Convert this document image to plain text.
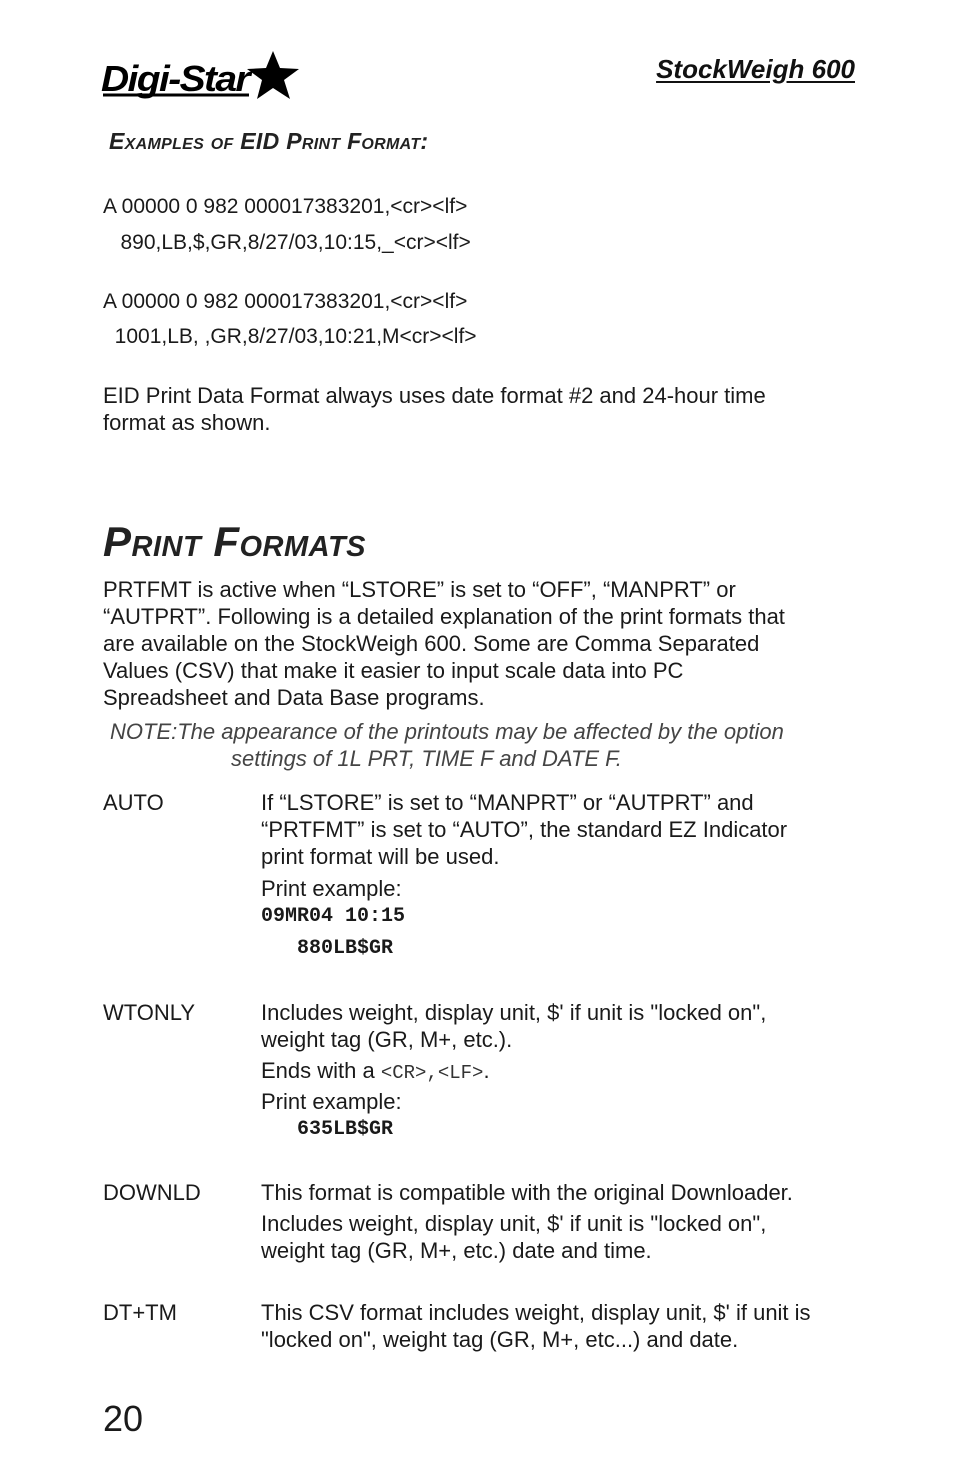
Digi-Star	StockWeigh 600
Examples of EID Print Format:
A 00000 0 982 000017383201,<cr><lf>
890,LB,$,GR,8/27/03,10:15,_<cr><lf>
A 00000 0 982 000017383201,<cr><lf>
1001,LB, ,GR,8/27/03,10:21,M<cr><lf>
EID Print Data Format always uses date format #2 and 24-hour time
format as shown.
Print Formats
PRTFMT is active when “LSTORE” is set to “OFF”, “MANPRT” or
“AUTPRT”. Following is a detailed explanation of the print formats that
are available on the StockWeigh 600. Some are Comma Separated
Values (CSV) that make it easier to input scale data into PC
Spreadsheet and Data Base programs.
NOTE:The appearance of the printouts may be affected by the option
settings of 1L PRT, TIME F and DATE F.
AUTO	If “LSTORE” is set to “MANPRT” or “AUTPRT” and
“PRTFMT” is set to “AUTO”, the standard EZ Indicator
print format will be used.
Print example:
09MR04 10:15
880LB$GR
WTONLY	Includes weight, display unit, $' if unit is "locked on",
weight tag (GR, M+, etc.).
Ends with a <CR>,<LF>.
Print example:
635LB$GR
DOWNLD	This format is compatible with the original Downloader.
Includes weight, display unit, $' if unit is "locked on",
weight tag (GR, M+, etc.) date and time.
DT+TM	This CSV format includes weight, display unit, $' if unit is
"locked on", weight tag (GR, M+, etc...) and date.
20
